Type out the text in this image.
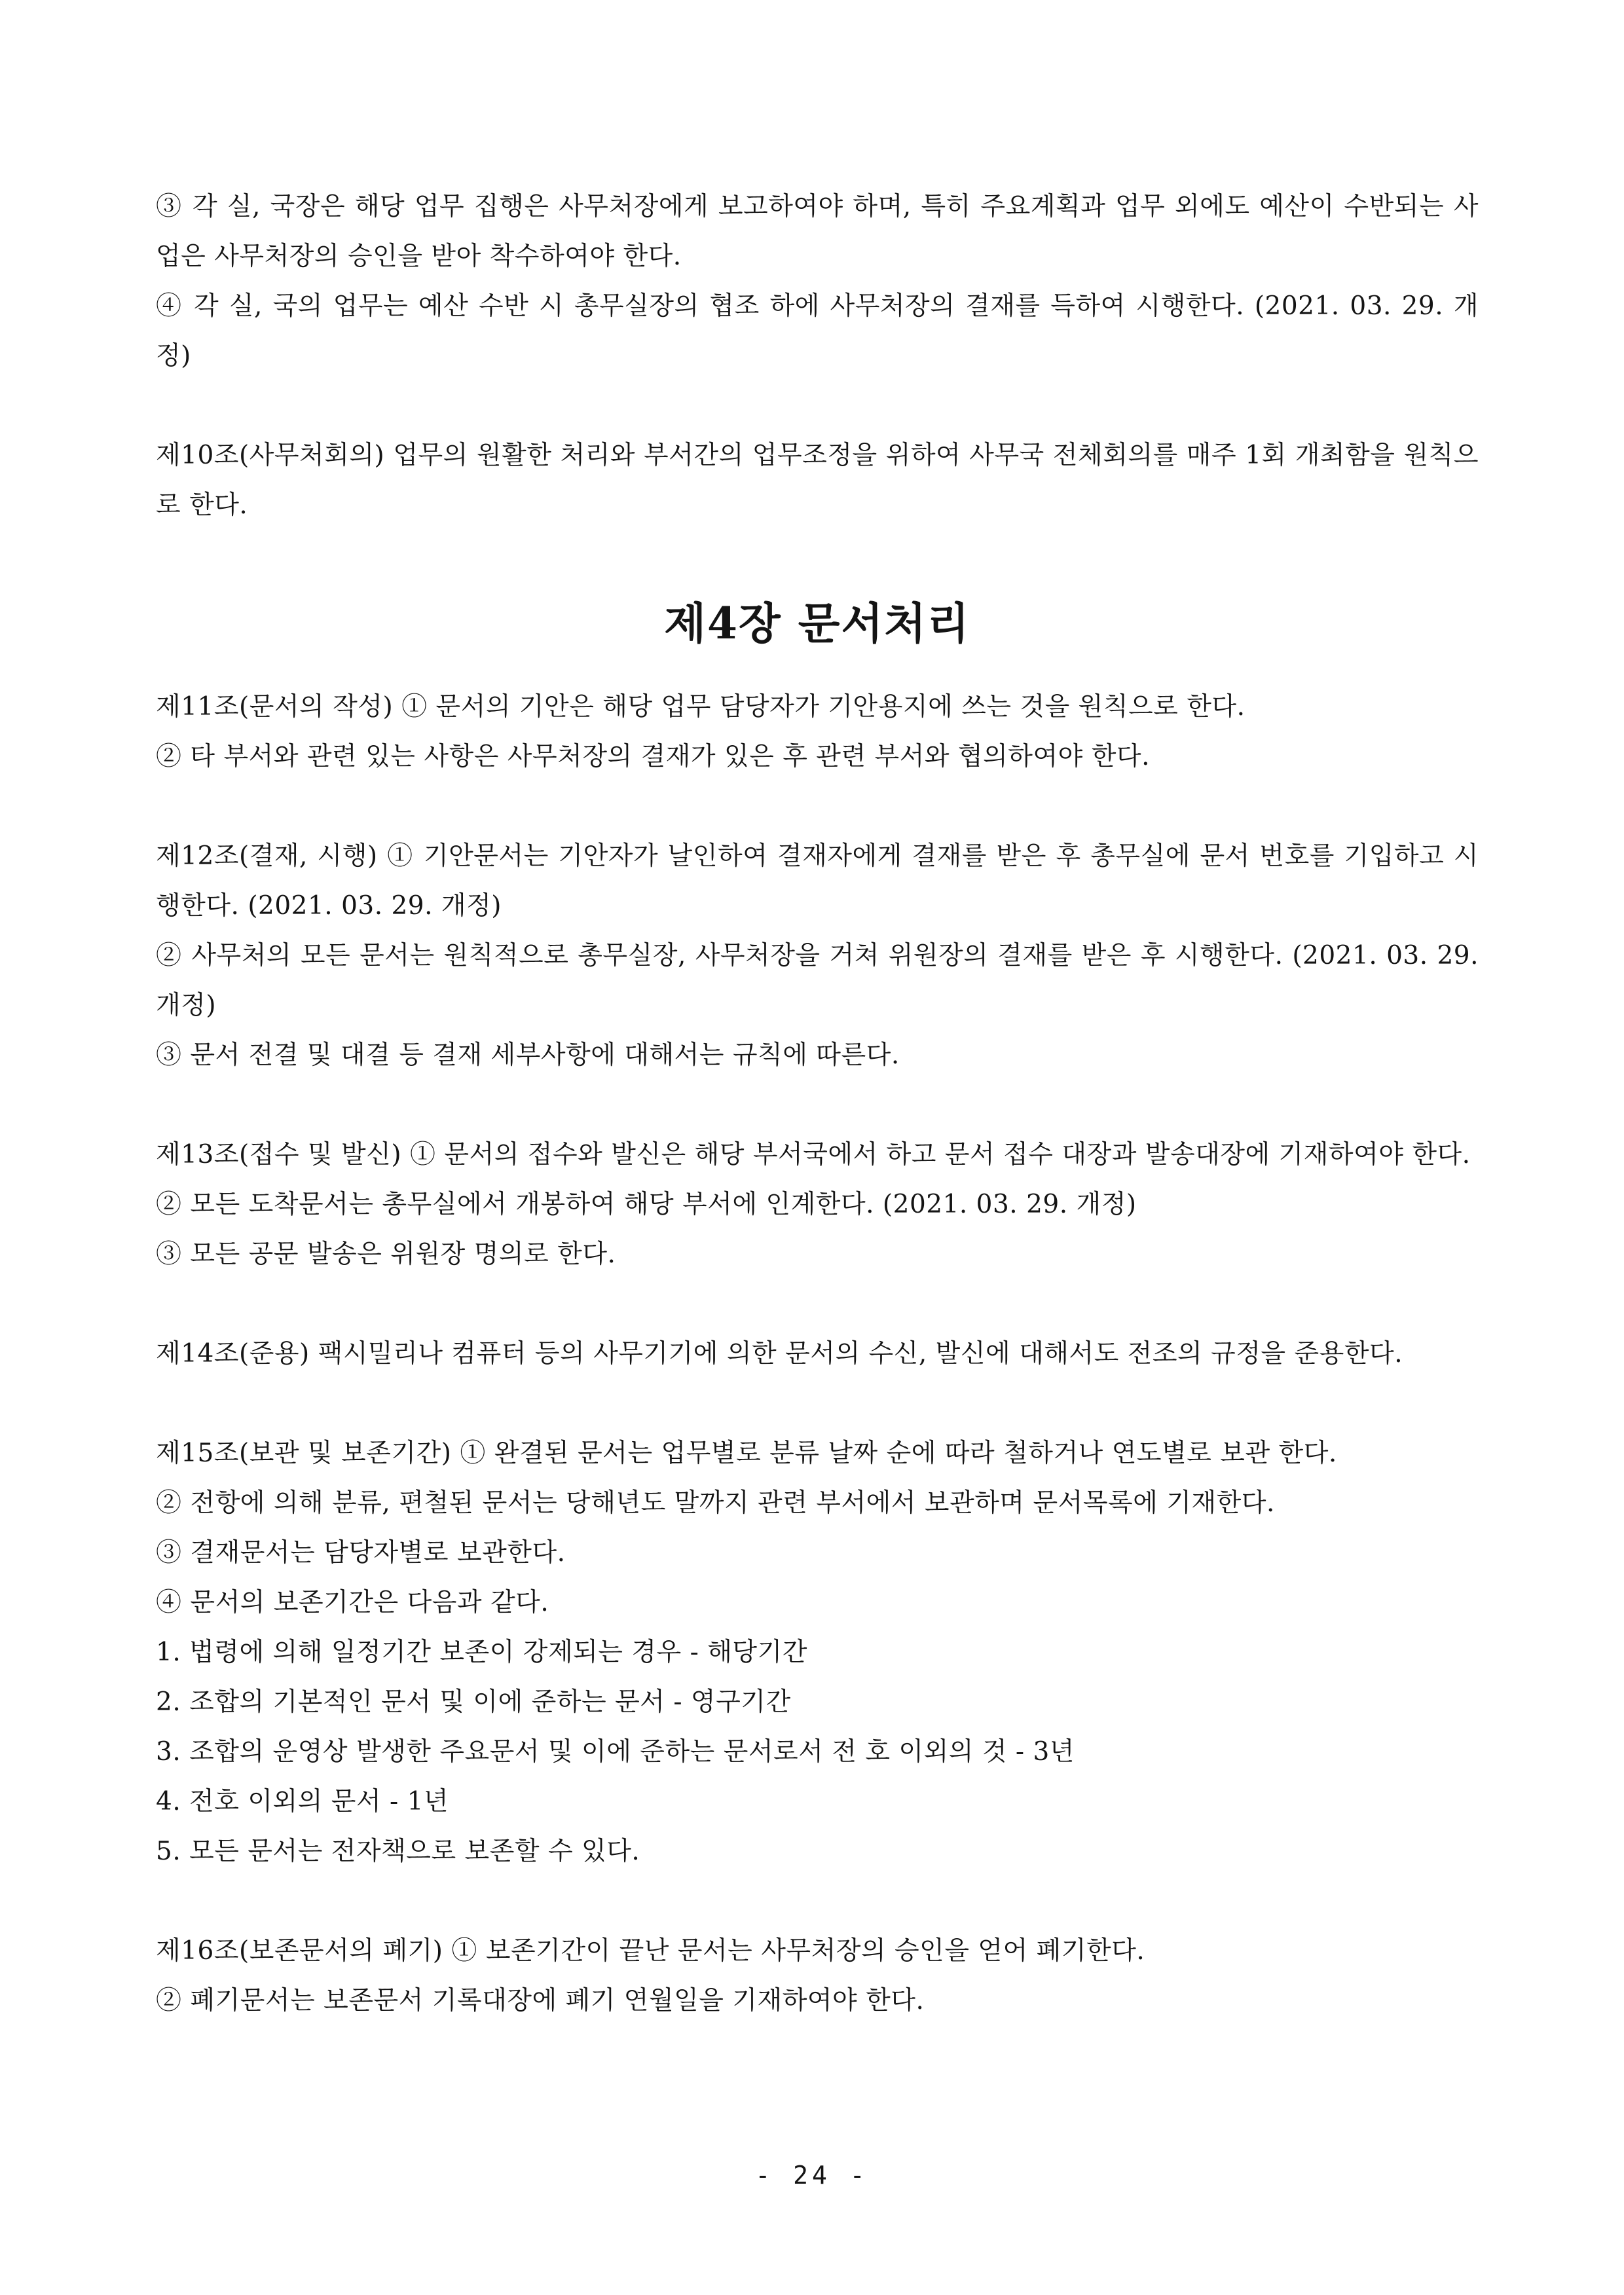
③ 각 실, 국장은 해당 업무 집행은 사무처장에게 보고하여야 하며, 특히 주요계획과 업무 외에도 예산이 수반되는 사업은 사무처장의 승인을 받아 착수하여야 한다.

④ 각 실, 국의 업무는 예산 수반 시 총무실장의 협조 하에 사무처장의 결재를 득하여 시행한다. (2021. 03. 29. 개정)

제10조(사무처회의) 업무의 원활한 처리와 부서간의 업무조정을 위하여 사무국 전체회의를 매주 1회 개최함을 원칙으로 한다.

제4장 문서처리

제11조(문서의 작성) ① 문서의 기안은 해당 업무 담당자가 기안용지에 쓰는 것을 원칙으로 한다.

② 타 부서와 관련 있는 사항은 사무처장의 결재가 있은 후 관련 부서와 협의하여야 한다.

제12조(결재, 시행) ① 기안문서는 기안자가 날인하여 결재자에게 결재를 받은 후 총무실에 문서 번호를 기입하고 시행한다. (2021. 03. 29. 개정)

② 사무처의 모든 문서는 원칙적으로 총무실장, 사무처장을 거쳐 위원장의 결재를 받은 후 시행한다. (2021. 03. 29. 개정)

③ 문서 전결 및 대결 등 결재 세부사항에 대해서는 규칙에 따른다.

제13조(접수 및 발신) ① 문서의 접수와 발신은 해당 부서국에서 하고 문서 접수 대장과 발송대장에 기재하여야 한다.

② 모든 도착문서는 총무실에서 개봉하여 해당 부서에 인계한다. (2021. 03. 29. 개정)

③ 모든 공문 발송은 위원장 명의로 한다.

제14조(준용) 팩시밀리나 컴퓨터 등의 사무기기에 의한 문서의 수신, 발신에 대해서도 전조의 규정을 준용한다.

제15조(보관 및 보존기간) ① 완결된 문서는 업무별로 분류 날짜 순에 따라 철하거나 연도별로 보관 한다.

② 전항에 의해 분류, 편철된 문서는 당해년도 말까지 관련 부서에서 보관하며 문서목록에 기재한다.

③ 결재문서는 담당자별로 보관한다.

④ 문서의 보존기간은 다음과 같다.

1. 법령에 의해 일정기간 보존이 강제되는 경우 - 해당기간

2. 조합의 기본적인 문서 및 이에 준하는 문서 - 영구기간

3. 조합의 운영상 발생한 주요문서 및 이에 준하는 문서로서 전 호 이외의 것 - 3년

4. 전호 이외의 문서 - 1년

5. 모든 문서는 전자책으로 보존할 수 있다.

제16조(보존문서의 폐기) ① 보존기간이 끝난 문서는 사무처장의 승인을 얻어 폐기한다.

② 폐기문서는 보존문서 기록대장에 폐기 연월일을 기재하여야 한다.

- 24 -
